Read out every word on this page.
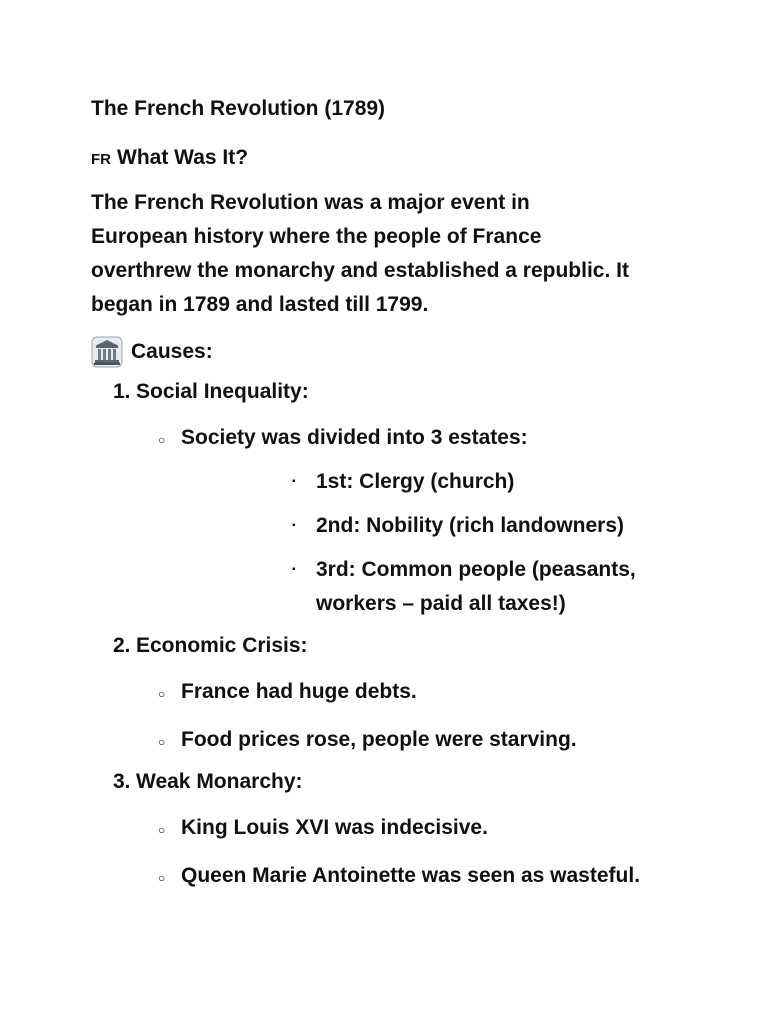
The French Revolution (1789)
FR What Was It?
The French Revolution was a major event in European history where the people of France overthrew the monarchy and established a republic. It began in 1789 and lasted till 1799.
Causes:
1. Social Inequality:
○ Society was divided into 3 estates:
▪ 1st: Clergy (church)
▪ 2nd: Nobility (rich landowners)
▪ 3rd: Common people (peasants, workers – paid all taxes!)
2. Economic Crisis:
○ France had huge debts.
○ Food prices rose, people were starving.
3. Weak Monarchy:
○ King Louis XVI was indecisive.
○ Queen Marie Antoinette was seen as wasteful.
